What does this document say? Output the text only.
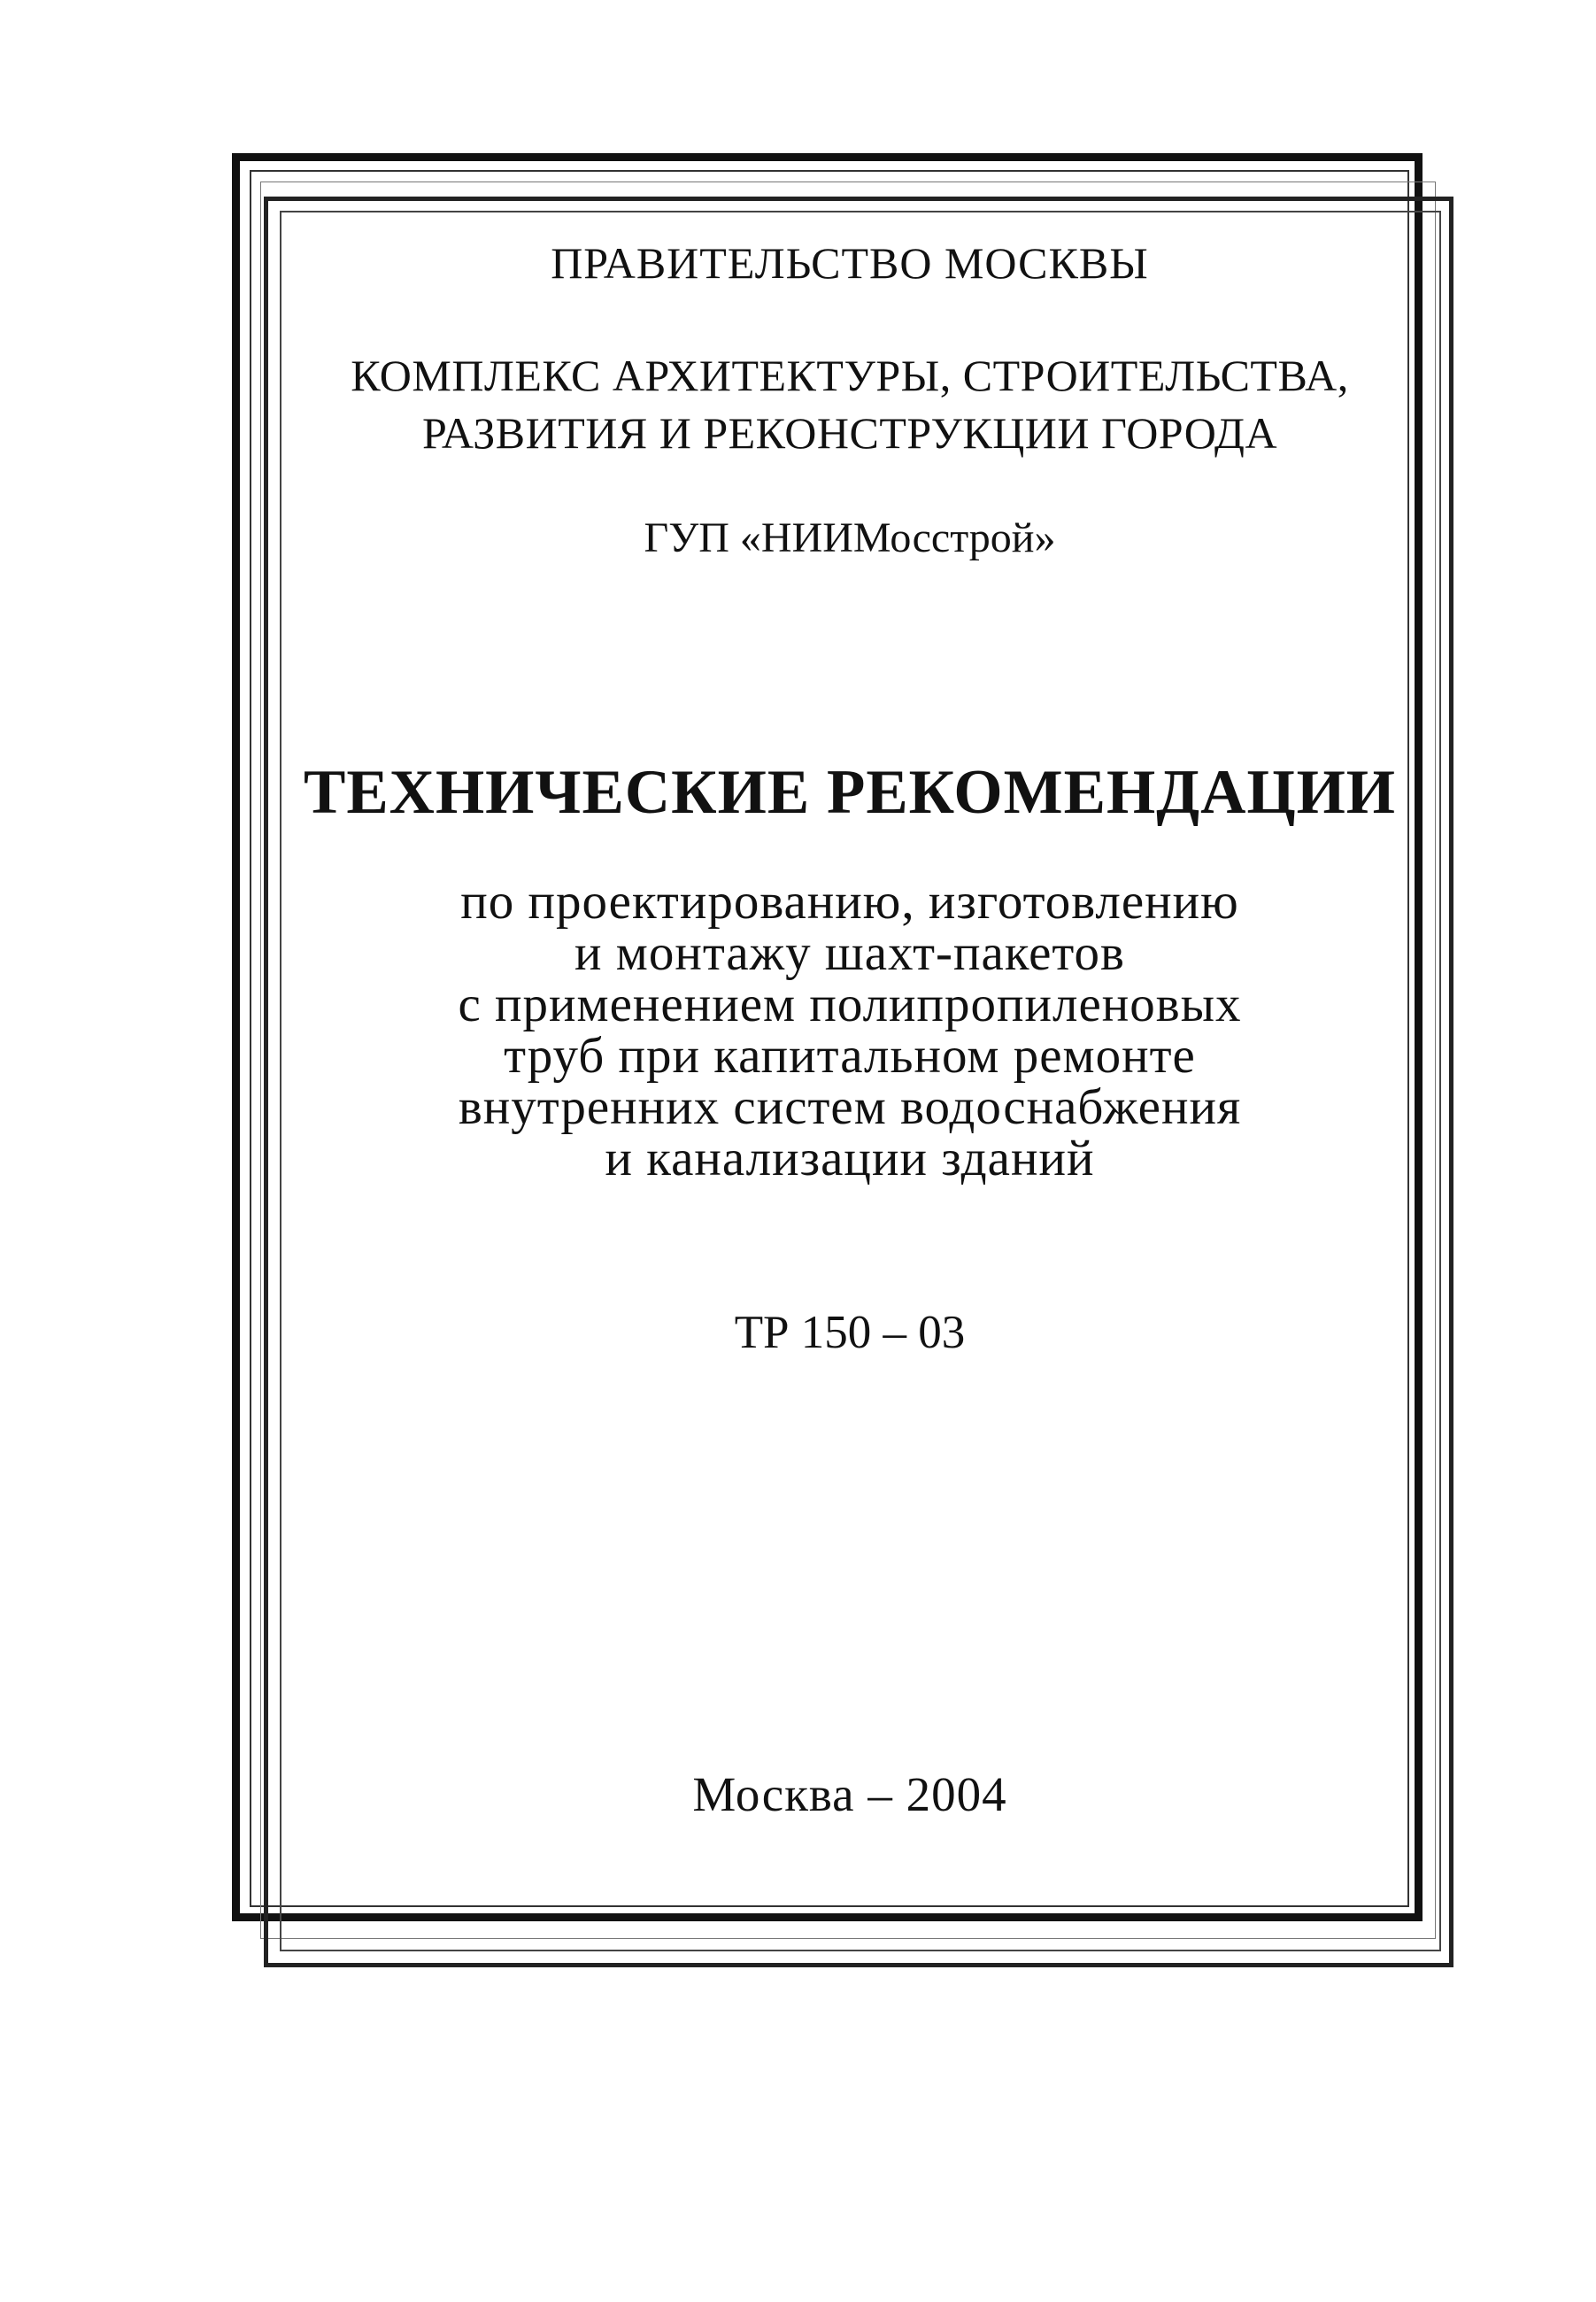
ПРАВИТЕЛЬСТВО МОСКВЫ

КОМПЛЕКС АРХИТЕКТУРЫ, СТРОИТЕЛЬСТВА,
РАЗВИТИЯ И РЕКОНСТРУКЦИИ ГОРОДА

ГУП «НИИМосстрой»

ТЕХНИЧЕСКИЕ РЕКОМЕНДАЦИИ

по проектированию, изготовлению
и монтажу шахт-пакетов
с применением полипропиленовых
труб при капитальном ремонте
внутренних систем водоснабжения
и канализации зданий

ТР 150 – 03

Москва – 2004
